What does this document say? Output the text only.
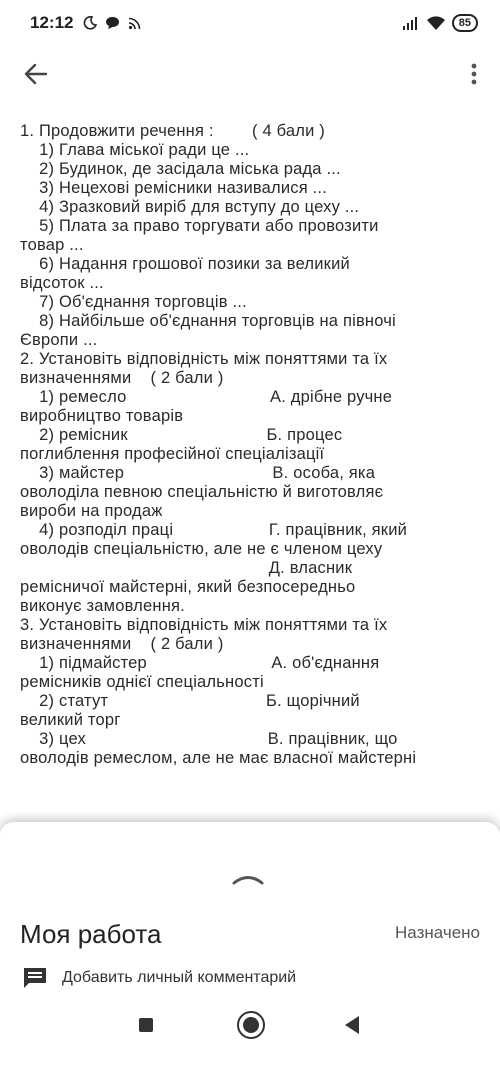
12:12	85
1. Продовжити речення :        ( 4 бали )
1) Глава міської ради це ...
2) Будинок, де засідала міська рада ...
3) Нецехові ремісники називалися ...
4) Зразковий виріб для вступу до цеху ...
5) Плата за право торгувати або провозити
товар ...
6) Надання грошової позики за великий
відсоток ...
7) Об'єднання торговців ...
8) Найбільше об'єднання торговців на півночі
Європи ...
2. Установіть відповідність між поняттями та їх
визначеннями    ( 2 бали )
1) ремесло                              А. дрібне ручне
виробництво товарів
2) ремісник                             Б. процес
поглиблення професійної спеціалізації
3) майстер                               В. особа, яка
оволоділа певною спеціальністю й виготовляє
вироби на продаж
4) розподіл праці                    Г. працівник, який
оволодів спеціальністю, але не є членом цеху
Д. власник
ремісничої майстерні, який безпосередньо
виконує замовлення.
3. Установіть відповідність між поняттями та їх
визначеннями    ( 2 бали )
1) підмайстер                          А. об'єднання
ремісників однієї спеціальності
2) статут                                 Б. щорічний
великий торг
3) цех                                      В. працівник, що
оволодів ремеслом, але не має власної майстерні
Моя работа	Назначено
Добавить личный комментарий
